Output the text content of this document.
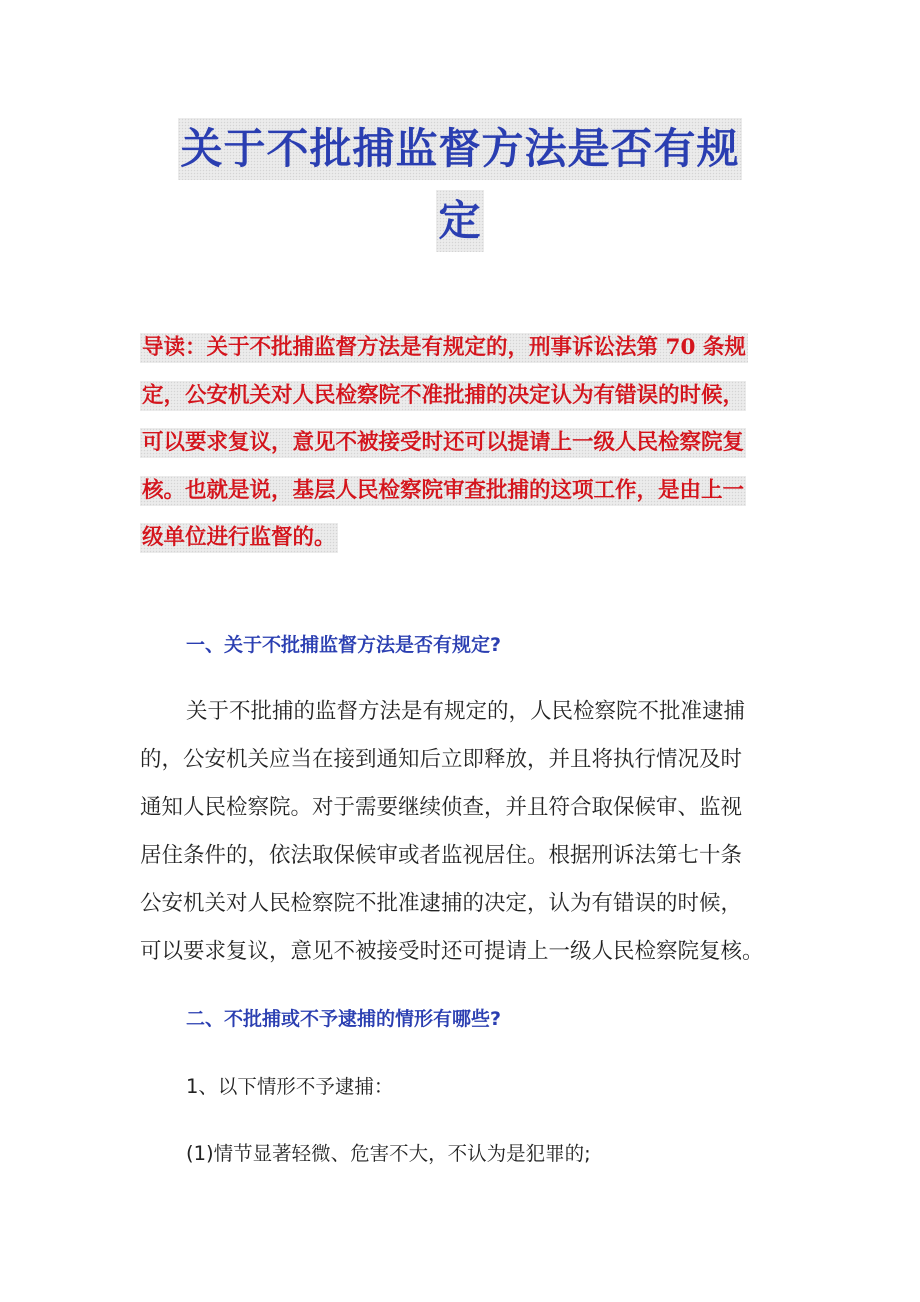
关于不批捕监督方法是否有规
定
导读：关于不批捕监督方法是有规定的，刑事诉讼法第 70 条规
定，公安机关对人民检察院不准批捕的决定认为有错误的时候，
可以要求复议，意见不被接受时还可以提请上一级人民检察院复
核。也就是说，基层人民检察院审查批捕的这项工作，是由上一
级单位进行监督的。
一、关于不批捕监督方法是否有规定?
关于不批捕的监督方法是有规定的，人民检察院不批准逮捕
的，公安机关应当在接到通知后立即释放，并且将执行情况及时
通知人民检察院。对于需要继续侦查，并且符合取保候审、监视
居住条件的，依法取保候审或者监视居住。根据刑诉法第七十条
公安机关对人民检察院不批准逮捕的决定，认为有错误的时候，
可以要求复议，意见不被接受时还可提请上一级人民检察院复核。
二、不批捕或不予逮捕的情形有哪些?
1、以下情形不予逮捕：
(1)情节显著轻微、危害不大，不认为是犯罪的;
